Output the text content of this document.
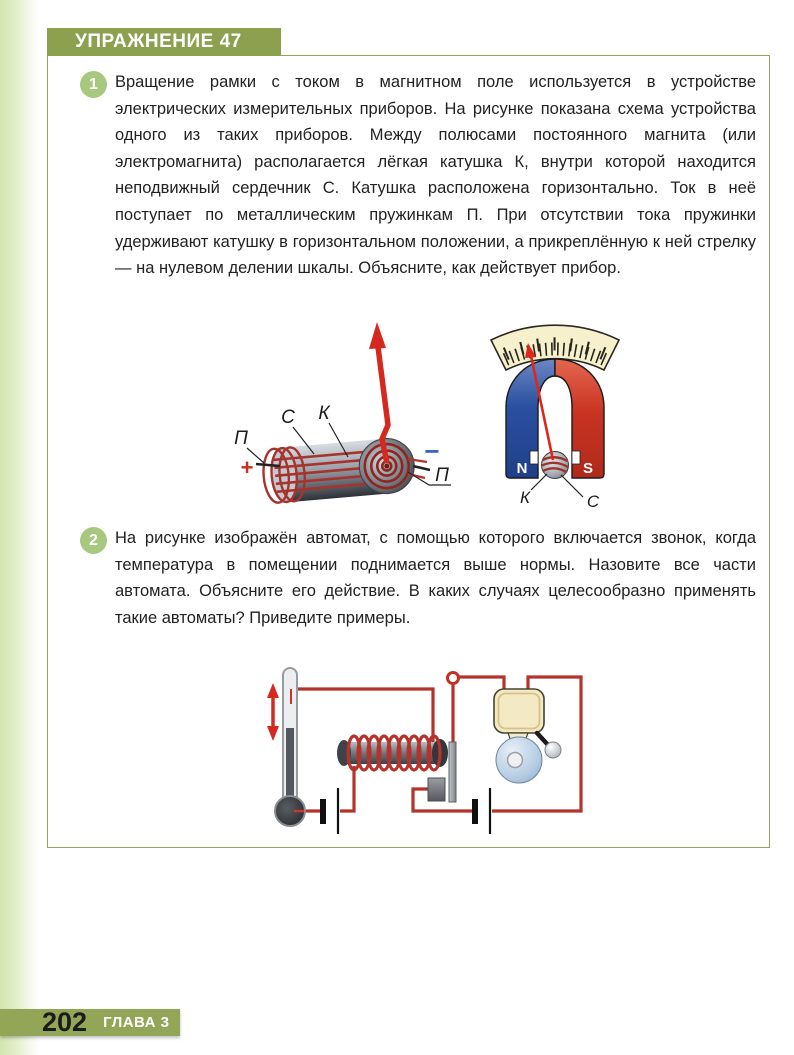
УПРАЖНЕНИЕ 47
1	Вращение рамки с током в магнитном поле используется в устройстве электрических измерительных приборов. На рисунке показана схема устройства одного из таких приборов. Между полюсами постоянного магнита (или электромагнита) располагается лёгкая катушка К, внутри которой находится неподвижный сердечник С. Катушка расположена горизонтально. Ток в неё поступает по металлическим пружинкам П. При отсутствии тока пружинки удерживают катушку в горизонтальном положении, а прикреплённую к ней стрелку — на нулевом делении шкалы. Объясните, как действует прибор.
+
П
С К
−
П	N	S
К	С
2	На рисунке изображён автомат, с помощью которого включается звонок, когда температура в помещении поднимается выше нормы. Назовите все части автомата. Объясните его действие. В каких случаях целесообразно применять такие автоматы? Приведите примеры.
202 ГЛАВА 3
